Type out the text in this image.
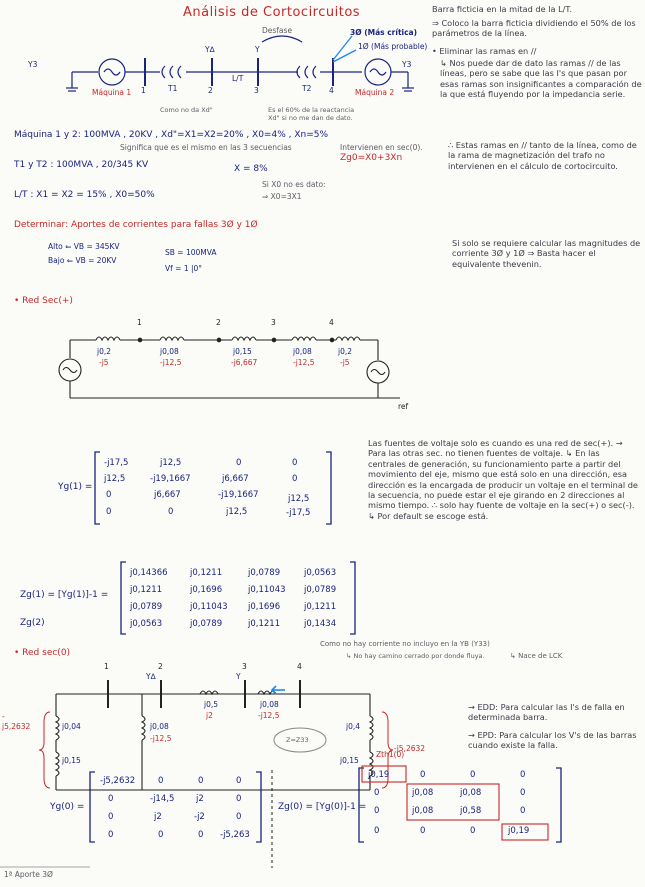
Análisis de Cortocircuitos
Y3	Y3
Máquina 1	Máquina 2
1	2	3	4
T1	T2
L/T
Y∆	Y
Desfase	3Ø (Más crítica)
1Ø (Más probable)
Como no da Xd"	Es el 60% de la reactancia Xd" si no me dan de dato.
Barra ficticia en la mitad de la L/T.
⇒ Coloco la barra ficticia dividiendo el 50% de los parámetros de la línea.
• Eliminar las ramas en //
↳ Nos puede dar de dato las ramas // de las líneas, pero se sabe que las I's que pasan por esas ramas son insignificantes a comparación de la que está fluyendo por la impedancia serie.
∴ Estas ramas en // tanto de la línea, como de la rama de magnetización del trafo no intervienen en el cálculo de cortocircuito.
Máquina 1 y 2: 100MVA , 20KV , Xd"=X1=X2=20% , X0=4% , Xn=5%
Significa que es el mismo en las 3 secuencias	Intervienen en sec(0).
Zg0=X0+3Xn
T1 y T2 : 100MVA , 20/345 KV	X = 8%
L/T : X1 = X2 = 15% , X0=50%
Si X0 no es dato:
⇒ X0=3X1
Determinar: Aportes de corrientes para fallas 3Ø y 1Ø
Alto ⇐ VB = 345KV
Bajo ⇐ VB = 20KV
SB = 100MVA
Vf = 1 |0°
Si solo se requiere calcular las magnitudes de corriente 3Ø y 1Ø ⇒ Basta hacer el equivalente thevenin.
• Red Sec(+)
1	2	3	4
j0,2	j0,08	j0,15	j0,08	j0,2
-j5	-j12,5	-j6,667	-j12,5	-j5
ref
Las fuentes de voltaje solo es cuando es una red de sec(+). → Para las otras sec. no tienen fuentes de voltaje. ↳ En las centrales de generación, su funcionamiento parte a partir del movimiento del eje, mismo que está solo en una dirección, esa dirección es la encargada de producir un voltaje en el terminal de la secuencia, no puede estar el eje girando en 2 direcciones al mismo tiempo. ∴ solo hay fuente de voltaje en la sec(+) o sec(-). ↳ Por default se escoge está.
Yg(1) =
-j17,5	j12,5	0	0
j12,5	-j19,1667	j6,667	0
0	j6,667	-j19,1667	j12,5
0	0	j12,5	-j17,5
Zg(1) = [Yg(1)]-1 =
Zg(2)
j0,14366	j0,1211	j0,0789	j0,0563
j0,1211	j0,1696	j0,11043 j0,0789
j0,0789	j0,11043 j0,1696	j0,1211
j0,0563	j0,0789	j0,1211	j0,1434
• Red sec(0)
Como no hay corriente no incluyo en la YB (Y33)
↳ No hay camino cerrado por donde fluya.	↳ Nace de LCK
1	2	3	4
Y∆	Y
j0,04
j0,15
-j5,2632	j0,08
-j12,5
j0,5
j2
j0,08
-j12,5
j0,4
j0,15
-j5,2632
Z=Z33
→ EDD: Para calcular las I's de falla en determinada barra.
→ EPD: Para calcular los V's de las barras cuando existe la falla.
Yg(0) =
-j5,2632	0	0	0
0	-j14,5	j2	0
0	j2	-j2	0
0	0	0 -j5,263
Zg(0) = [Yg(0)]-1 =
Zth1(0)
j0,19	0	0	0
0	j0,08	j0,08	0
0	j0,08	j0,58	0
0	0	0	j0,19
1ª Aporte 3Ø
